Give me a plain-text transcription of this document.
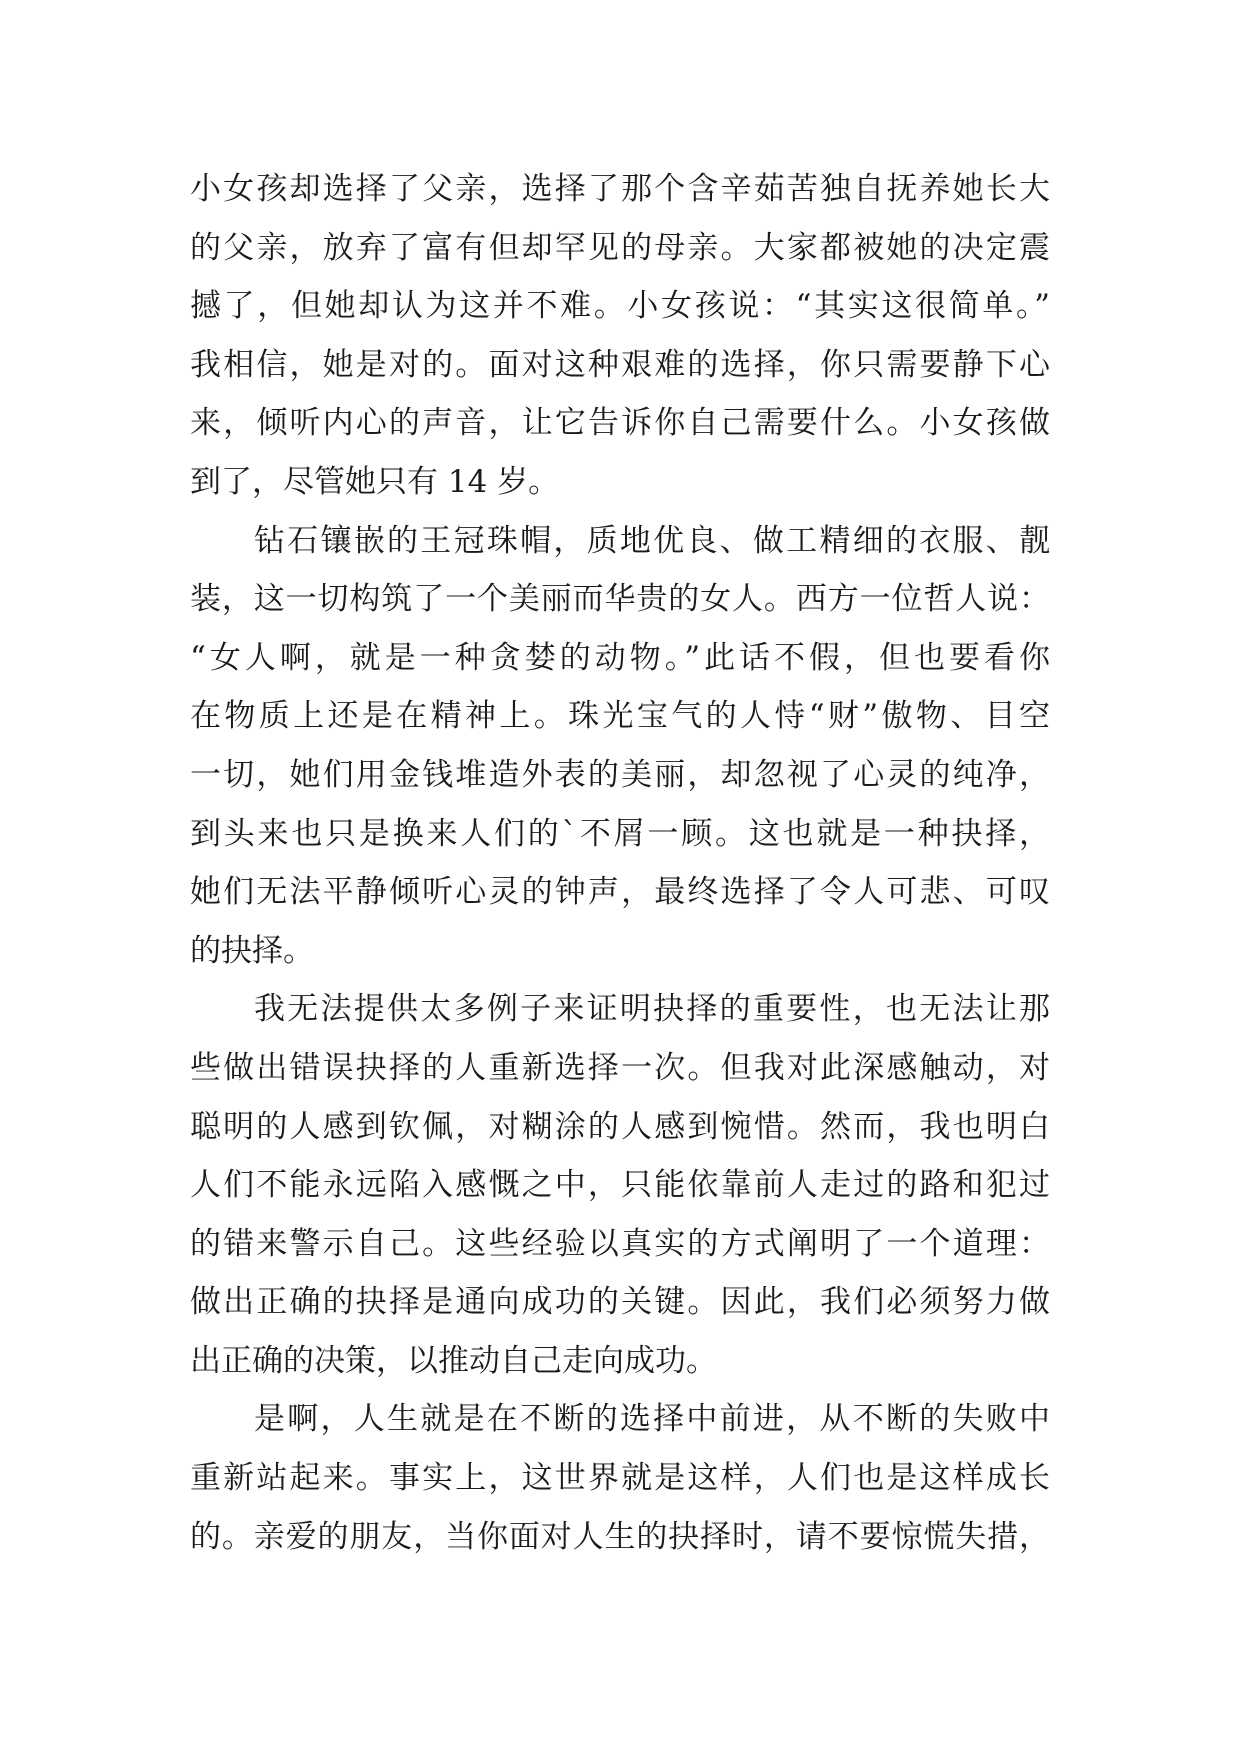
小女孩却选择了父亲，选择了那个含辛茹苦独自抚养她长大
的父亲，放弃了富有但却罕见的母亲。大家都被她的决定震
撼了，但她却认为这并不难。小女孩说：“其实这很简单。”
我相信，她是对的。面对这种艰难的选择，你只需要静下心
来，倾听内心的声音，让它告诉你自己需要什么。小女孩做
到了，尽管她只有 14 岁。
钻石镶嵌的王冠珠帽，质地优良、做工精细的衣服、靓
装，这一切构筑了一个美丽而华贵的女人。西方一位哲人说：
“女人啊，就是一种贪婪的动物。”此话不假，但也要看你
在物质上还是在精神上。珠光宝气的人恃“财”傲物、目空
一切，她们用金钱堆造外表的美丽，却忽视了心灵的纯净，
到头来也只是换来人们的`不屑一顾。这也就是一种抉择，
她们无法平静倾听心灵的钟声，最终选择了令人可悲、可叹
的抉择。
我无法提供太多例子来证明抉择的重要性，也无法让那
些做出错误抉择的人重新选择一次。但我对此深感触动，对
聪明的人感到钦佩，对糊涂的人感到惋惜。然而，我也明白
人们不能永远陷入感慨之中，只能依靠前人走过的路和犯过
的错来警示自己。这些经验以真实的方式阐明了一个道理：
做出正确的抉择是通向成功的关键。因此，我们必须努力做
出正确的决策，以推动自己走向成功。
是啊，人生就是在不断的选择中前进，从不断的失败中
重新站起来。事实上，这世界就是这样，人们也是这样成长
的。亲爱的朋友，当你面对人生的抉择时，请不要惊慌失措，
